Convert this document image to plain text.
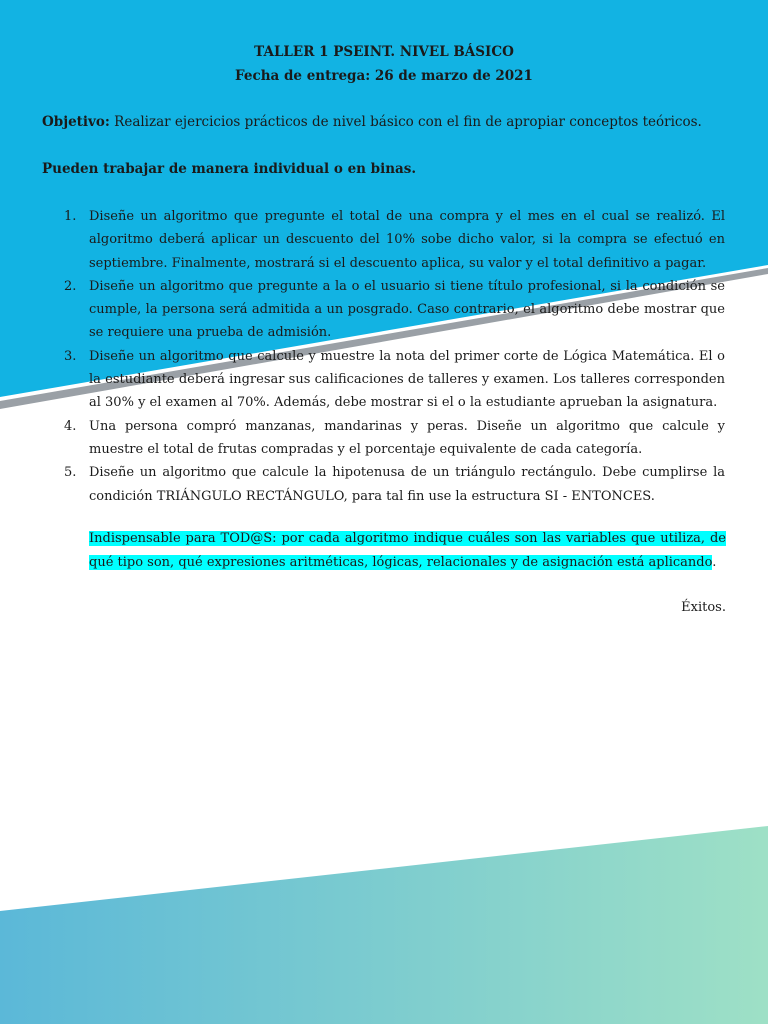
TALLER 1 PSEINT. NIVEL BÁSICO
Fecha de entrega: 26 de marzo de 2021
Objetivo: Realizar ejercicios prácticos de nivel básico con el fin de apropiar conceptos teóricos.
Pueden trabajar de manera individual o en binas.
1. Diseñe un algoritmo que pregunte el total de una compra y el mes en el cual se realizó. El algoritmo deberá aplicar un descuento del 10% sobe dicho valor, si la compra se efectuó en septiembre. Finalmente, mostrará si el descuento aplica, su valor y el total definitivo a pagar.
2. Diseñe un algoritmo que pregunte a la o el usuario si tiene título profesional, si la condición se cumple, la persona será admitida a un posgrado. Caso contrario, el algoritmo debe mostrar que se requiere una prueba de admisión.
3. Diseñe un algoritmo que calcule y muestre la nota del primer corte de Lógica Matemática. El o la estudiante deberá ingresar sus calificaciones de talleres y examen. Los talleres corresponden al 30% y el examen al 70%. Además, debe mostrar si el o la estudiante aprueban la asignatura.
4. Una persona compró manzanas, mandarinas y peras. Diseñe un algoritmo que calcule y muestre el total de frutas compradas y el porcentaje equivalente de cada categoría.
5. Diseñe un algoritmo que calcule la hipotenusa de un triángulo rectángulo. Debe cumplirse la condición TRIÁNGULO RECTÁNGULO, para tal fin use la estructura SI - ENTONCES.
Indispensable para TOD@S: por cada algoritmo indique cuáles son las variables que utiliza, de qué tipo son, qué expresiones aritméticas, lógicas, relacionales y de asignación está aplicando.
Éxitos.
